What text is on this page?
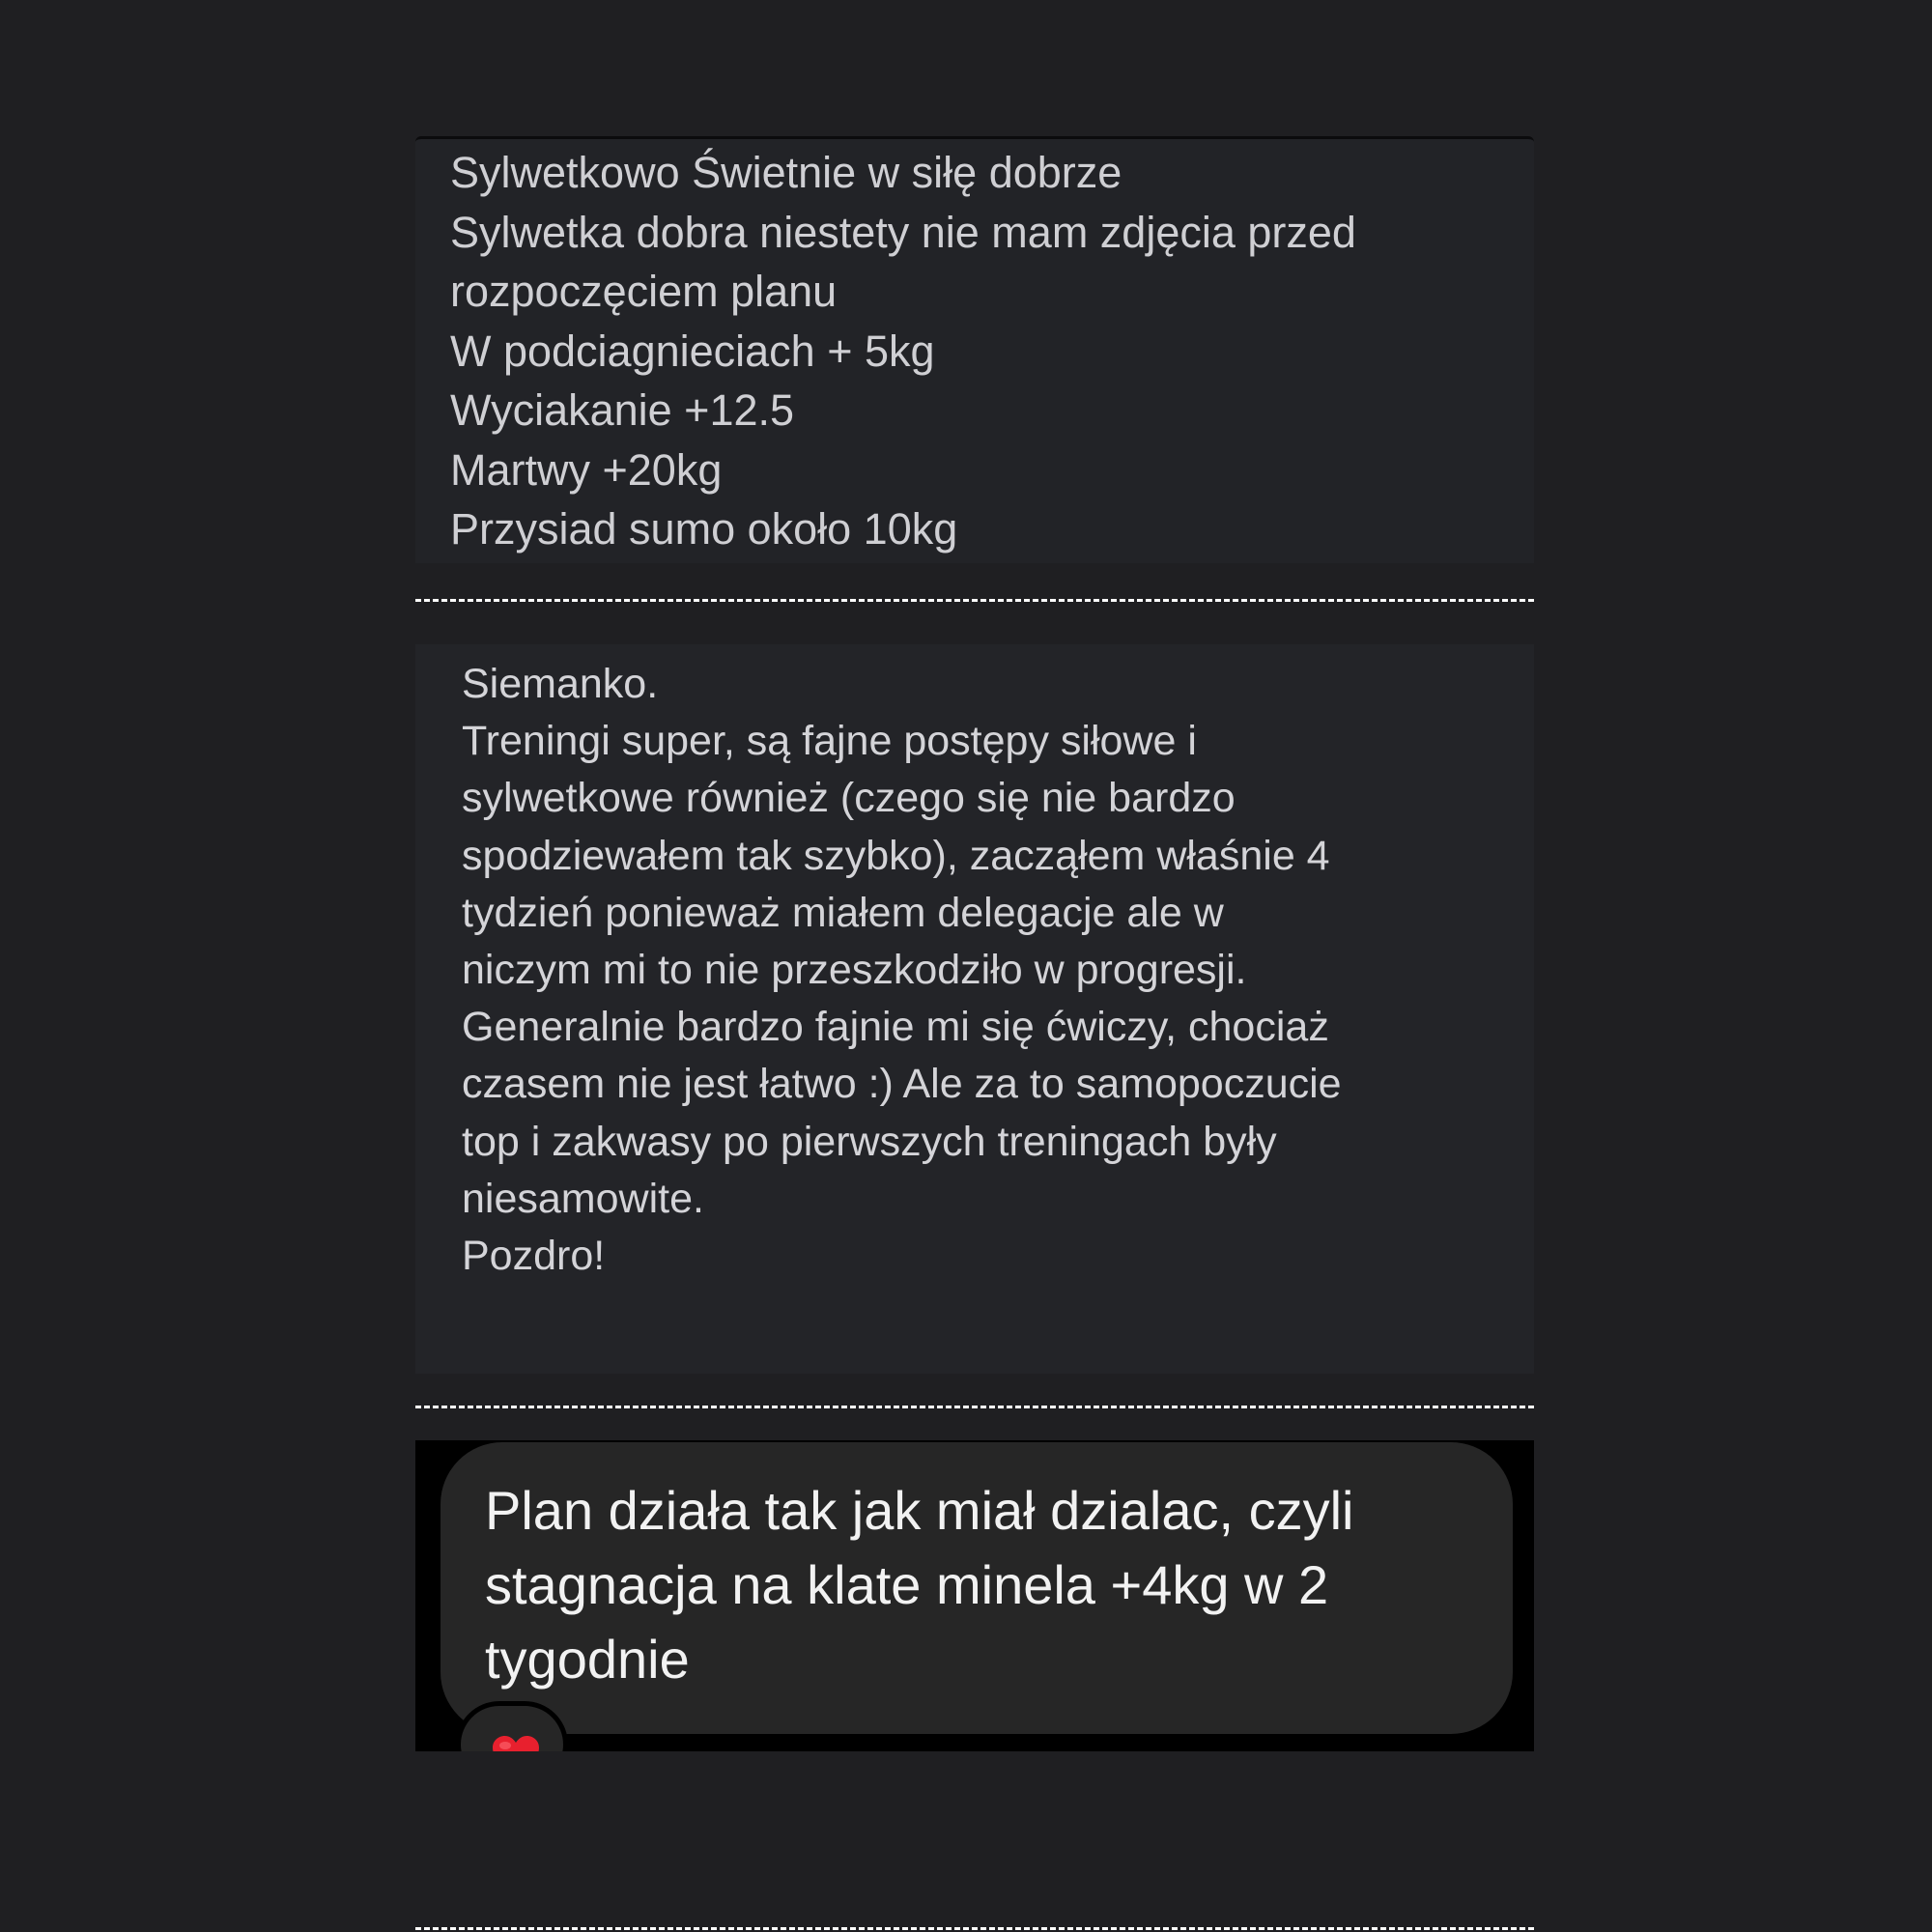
Sylwetkowo Świetnie w siłę dobrze
Sylwetka dobra niestety nie mam zdjęcia przed
rozpoczęciem planu
W podciagnieciach + 5kg
Wyciakanie +12.5
Martwy +20kg
Przysiad sumo około 10kg
Siemanko.
Treningi super, są fajne postępy siłowe i
sylwetkowe również (czego się nie bardzo
spodziewałem tak szybko), zacząłem właśnie 4
tydzień ponieważ miałem delegacje ale w
niczym mi to nie przeszkodziło w progresji.
Generalnie bardzo fajnie mi się ćwiczy, chociaż
czasem nie jest łatwo :) Ale za to samopoczucie
top i zakwasy po pierwszych treningach były
niesamowite.
Pozdro!
Plan działa tak jak miał dzialac, czyli
stagnacja na klate minela +4kg w 2
tygodnie
